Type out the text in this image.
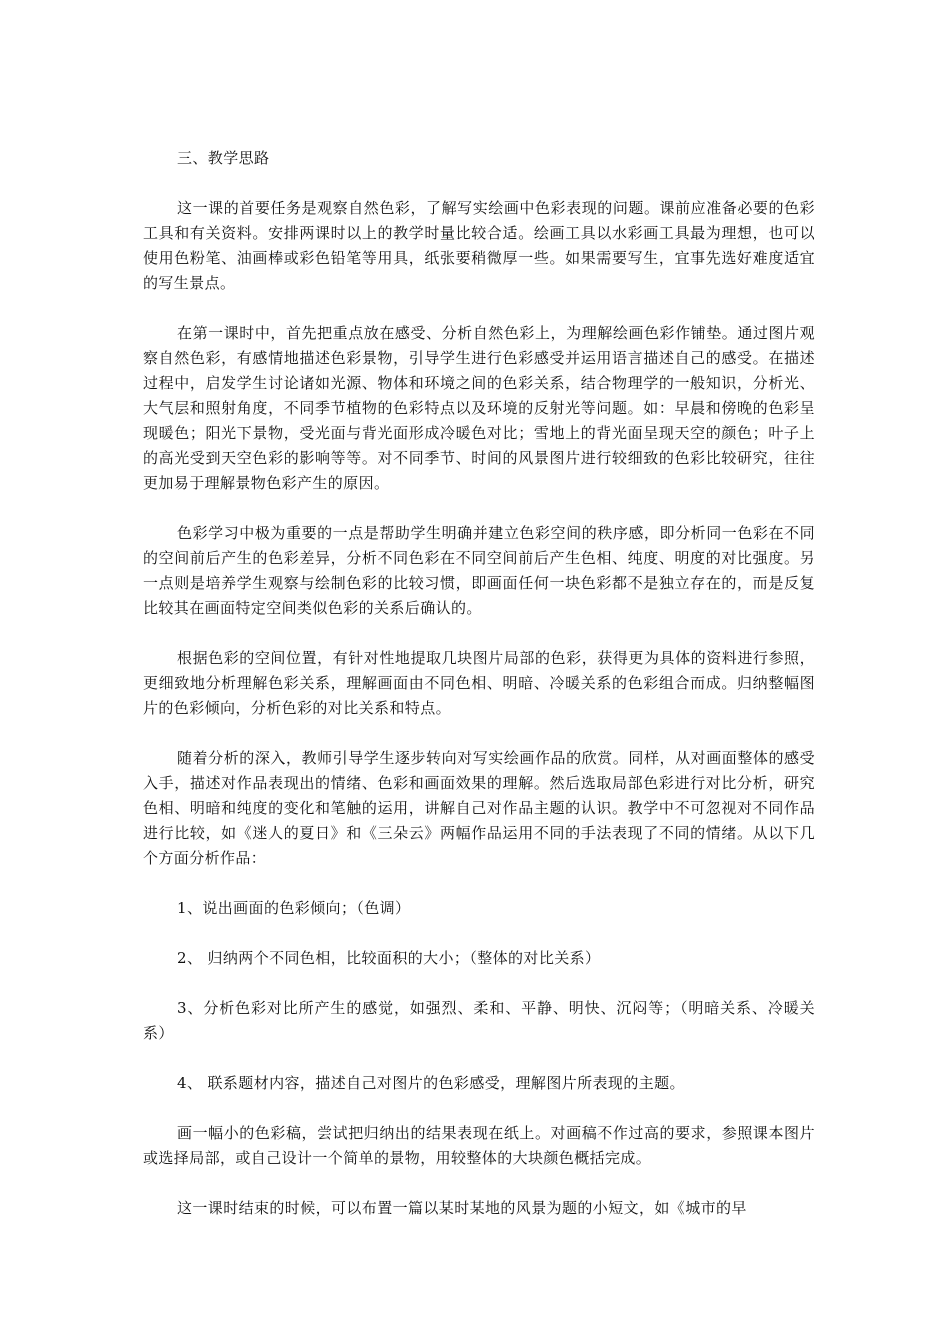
三、教学思路

这一课的首要任务是观察自然色彩，了解写实绘画中色彩表现的问题。课前应准备必要的色彩工具和有关资料。安排两课时以上的教学时量比较合适。绘画工具以水彩画工具最为理想，也可以使用色粉笔、油画棒或彩色铅笔等用具，纸张要稍微厚一些。如果需要写生，宜事先选好难度适宜的写生景点。

在第一课时中，首先把重点放在感受、分析自然色彩上，为理解绘画色彩作铺垫。通过图片观察自然色彩，有感情地描述色彩景物，引导学生进行色彩感受并运用语言描述自己的感受。在描述过程中，启发学生讨论诸如光源、物体和环境之间的色彩关系，结合物理学的一般知识，分析光、大气层和照射角度，不同季节植物的色彩特点以及环境的反射光等问题。如：早晨和傍晚的色彩呈现暖色；阳光下景物，受光面与背光面形成冷暖色对比；雪地上的背光面呈现天空的颜色；叶子上的高光受到天空色彩的影响等等。对不同季节、时间的风景图片进行较细致的色彩比较研究，往往更加易于理解景物色彩产生的原因。

色彩学习中极为重要的一点是帮助学生明确并建立色彩空间的秩序感，即分析同一色彩在不同的空间前后产生的色彩差异，分析不同色彩在不同空间前后产生色相、纯度、明度的对比强度。另一点则是培养学生观察与绘制色彩的比较习惯，即画面任何一块色彩都不是独立存在的，而是反复比较其在画面特定空间类似色彩的关系后确认的。

根据色彩的空间位置，有针对性地提取几块图片局部的色彩，获得更为具体的资料进行参照，更细致地分析理解色彩关系，理解画面由不同色相、明暗、冷暖关系的色彩组合而成。归纳整幅图片的色彩倾向，分析色彩的对比关系和特点。

随着分析的深入，教师引导学生逐步转向对写实绘画作品的欣赏。同样，从对画面整体的感受入手，描述对作品表现出的情绪、色彩和画面效果的理解。然后选取局部色彩进行对比分析，研究色相、明暗和纯度的变化和笔触的运用，讲解自己对作品主题的认识。教学中不可忽视对不同作品进行比较，如《迷人的夏日》和《三朵云》两幅作品运用不同的手法表现了不同的情绪。从以下几个方面分析作品：

1、说出画面的色彩倾向；（色调）

2、 归纳两个不同色相，比较面积的大小；（整体的对比关系）

3、分析色彩对比所产生的感觉，如强烈、柔和、平静、明快、沉闷等；（明暗关系、冷暖关系）

4、 联系题材内容，描述自己对图片的色彩感受，理解图片所表现的主题。

画一幅小的色彩稿，尝试把归纳出的结果表现在纸上。对画稿不作过高的要求，参照课本图片或选择局部，或自己设计一个简单的景物，用较整体的大块颜色概括完成。

这一课时结束的时候，可以布置一篇以某时某地的风景为题的小短文，如《城市的早
